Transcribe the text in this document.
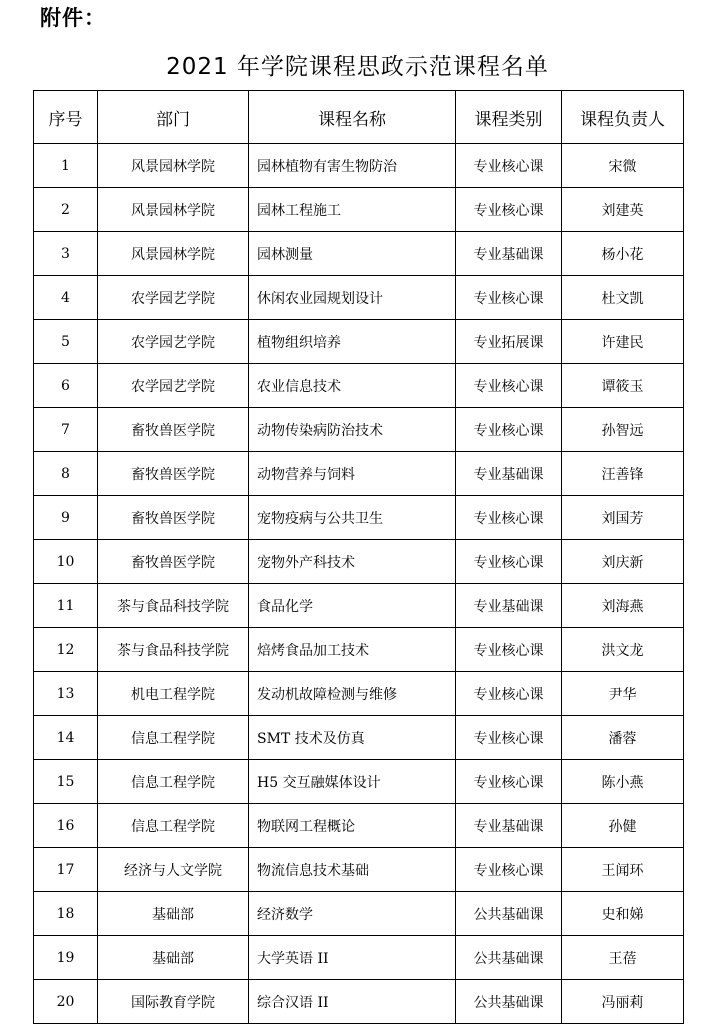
附件：
2021 年学院课程思政示范课程名单
序号	部门	课程名称	课程类别	课程负责人
1	风景园林学院	园林植物有害生物防治	专业核心课	宋微
2	风景园林学院	园林工程施工	专业核心课	刘建英
3	风景园林学院	园林测量	专业基础课	杨小花
4	农学园艺学院	休闲农业园规划设计	专业核心课	杜文凯
5	农学园艺学院	植物组织培养	专业拓展课	许建民
6	农学园艺学院	农业信息技术	专业核心课	谭筱玉
7	畜牧兽医学院	动物传染病防治技术	专业核心课	孙智远
8	畜牧兽医学院	动物营养与饲料	专业基础课	汪善锋
9	畜牧兽医学院	宠物疫病与公共卫生	专业核心课	刘国芳
10	畜牧兽医学院	宠物外产科技术	专业核心课	刘庆新
11	茶与食品科技学院	食品化学	专业基础课	刘海燕
12	茶与食品科技学院	焙烤食品加工技术	专业核心课	洪文龙
13	机电工程学院	发动机故障检测与维修	专业核心课	尹华
14	信息工程学院	SMT 技术及仿真	专业核心课	潘蓉
15	信息工程学院	H5 交互融媒体设计	专业核心课	陈小燕
16	信息工程学院	物联网工程概论	专业基础课	孙健
17	经济与人文学院	物流信息技术基础	专业核心课	王闻环
18	基础部	经济数学	公共基础课	史和娣
19	基础部	大学英语 II	公共基础课	王蓓
20	国际教育学院	综合汉语 II	公共基础课	冯丽莉
